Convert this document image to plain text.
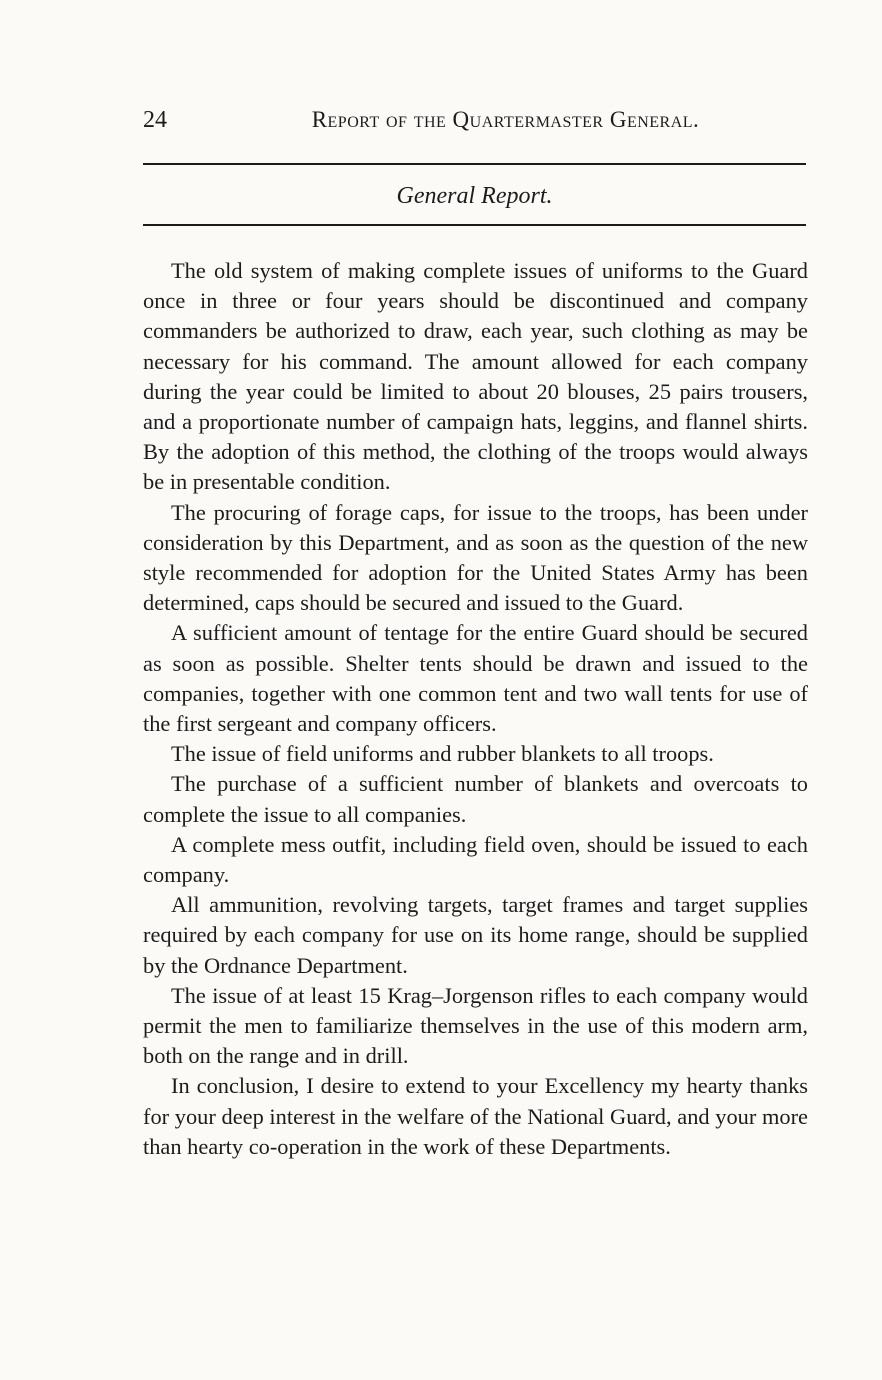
24	Report of the Quartermaster General.
General Report.

The old system of making complete issues of uniforms to the Guard once in three or four years should be discontinued and company commanders be authorized to draw, each year, such clothing as may be necessary for his command. The amount allowed for each company during the year could be limited to about 20 blouses, 25 pairs trousers, and a proportionate number of campaign hats, leggins, and flannel shirts. By the adoption of this method, the clothing of the troops would always be in presentable condition.

The procuring of forage caps, for issue to the troops, has been under consideration by this Department, and as soon as the question of the new style recommended for adoption for the United States Army has been determined, caps should be secured and issued to the Guard.

A sufficient amount of tentage for the entire Guard should be secured as soon as possible. Shelter tents should be drawn and issued to the companies, together with one common tent and two wall tents for use of the first sergeant and company officers.

The issue of field uniforms and rubber blankets to all troops.

The purchase of a sufficient number of blankets and overcoats to complete the issue to all companies.

A complete mess outfit, including field oven, should be issued to each company.

All ammunition, revolving targets, target frames and target supplies required by each company for use on its home range, should be supplied by the Ordnance Department.

The issue of at least 15 Krag–Jorgenson rifles to each company would permit the men to familiarize themselves in the use of this modern arm, both on the range and in drill.

In conclusion, I desire to extend to your Excellency my hearty thanks for your deep interest in the welfare of the National Guard, and your more than hearty co-operation in the work of these Departments.
